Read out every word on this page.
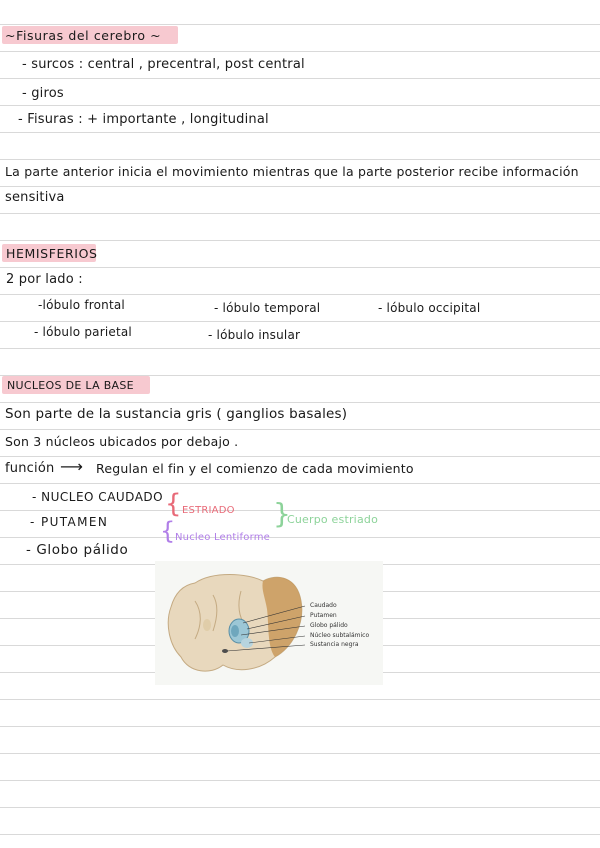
~Fisuras del cerebro ~
- surcos : central , precentral, post central
- giros
- Fisuras : + importante , longitudinal
La parte anterior inicia el movimiento mientras que la parte posterior recibe información
sensitiva
HEMISFERIOS
2 por lado :
-lóbulo frontal	- lóbulo temporal	- lóbulo occipital
- lóbulo parietal	- lóbulo insular
NUCLEOS DE LA BASE
Son parte de la sustancia gris ( ganglios basales)
Son 3 núcleos ubicados por debajo .
función ⟶ Regulan el fin y el comienzo de cada movimiento
- NUCLEO CAUDADO
- PUTAMEN
- Globo pálido
{ ESTRIADO
{ Nucleo Lentiforme
}
Cuerpo estriado
Caudado
Putamen
Globo pálido
Núcleo subtalámico
Sustancia negra
